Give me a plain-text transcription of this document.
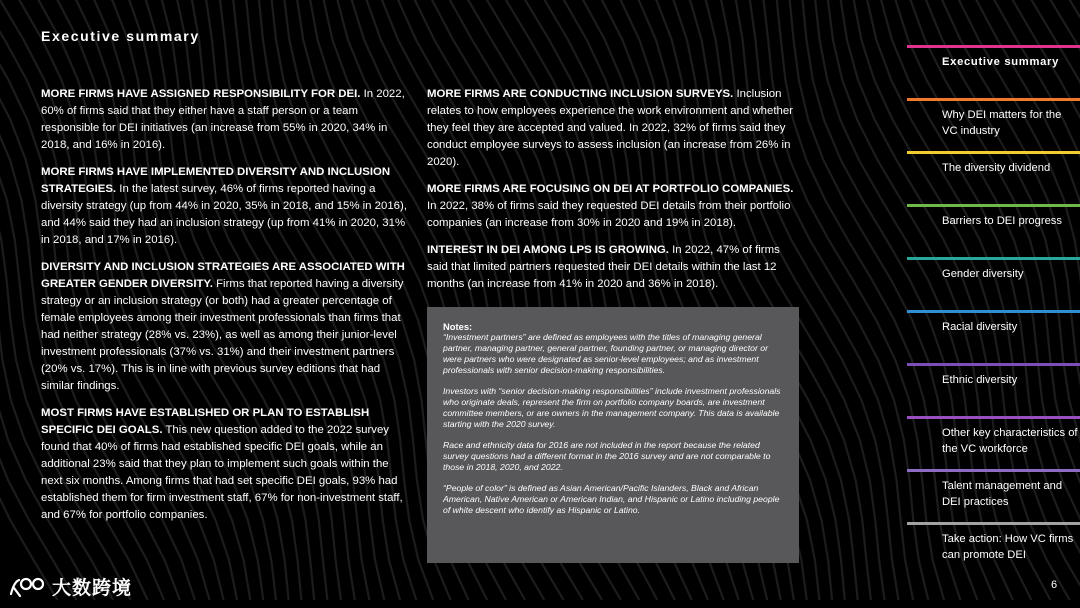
Executive summary

MORE FIRMS HAVE ASSIGNED RESPONSIBILITY FOR DEI. In 2022, 60% of firms said that they either have a staff person or a team responsible for DEI initiatives (an increase from 55% in 2020, 34% in 2018, and 16% in 2016).

MORE FIRMS HAVE IMPLEMENTED DIVERSITY AND INCLUSION STRATEGIES. In the latest survey, 46% of firms reported having a diversity strategy (up from 44% in 2020, 35% in 2018, and 15% in 2016), and 44% said they had an inclusion strategy (up from 41% in 2020, 31% in 2018, and 17% in 2016).

DIVERSITY AND INCLUSION STRATEGIES ARE ASSOCIATED WITH GREATER GENDER DIVERSITY. Firms that reported having a diversity strategy or an inclusion strategy (or both) had a greater percentage of female employees among their investment professionals than firms that had neither strategy (28% vs. 23%), as well as among their junior-level investment professionals (37% vs. 31%) and their investment partners (20% vs. 17%). This is in line with previous survey editions that had similar findings.

MOST FIRMS HAVE ESTABLISHED OR PLAN TO ESTABLISH SPECIFIC DEI GOALS. This new question added to the 2022 survey found that 40% of firms had established specific DEI goals, while an additional 23% said that they plan to implement such goals within the next six months. Among firms that had set specific DEI goals, 93% had established them for firm investment staff, 67% for non-investment staff, and 67% for portfolio companies.

MORE FIRMS ARE CONDUCTING INCLUSION SURVEYS. Inclusion relates to how employees experience the work environment and whether they feel they are accepted and valued. In 2022, 32% of firms said they conduct employee surveys to assess inclusion (an increase from 26% in 2020).

MORE FIRMS ARE FOCUSING ON DEI AT PORTFOLIO COMPANIES. In 2022, 38% of firms said they requested DEI details from their portfolio companies (an increase from 30% in 2020 and 19% in 2018).

INTEREST IN DEI AMONG LPS IS GROWING. In 2022, 47% of firms said that limited partners requested their DEI details within the last 12 months (an increase from 41% in 2020 and 36% in 2018).

Notes:

“Investment partners” are defined as employees with the titles of managing general partner, managing partner, general partner, founding partner, or managing director or were partners who were designated as senior-level employees; and as investment professionals with senior decision-making responsibilities.

Investors with “senior decision-making responsibilities” include investment professionals who originate deals, represent the firm on portfolio company boards, are investment committee members, or are owners in the management company. This data is available starting with the 2020 survey.

Race and ethnicity data for 2016 are not included in the report because the related survey questions had a different format in the 2016 survey and are not comparable to those in 2018, 2020, and 2022.

“People of color” is defined as Asian American/Pacific Islanders, Black and African American, Native American or American Indian, and Hispanic or Latino including people of white descent who identify as Hispanic or Latino.

Executive summary
Why DEI matters for the VC industry
The diversity dividend
Barriers to DEI progress
Gender diversity
Racial diversity
Ethnic diversity
Other key characteristics of the VC workforce
Talent management and DEI practices
Take action: How VC firms can promote DEI
大数跨境	6
